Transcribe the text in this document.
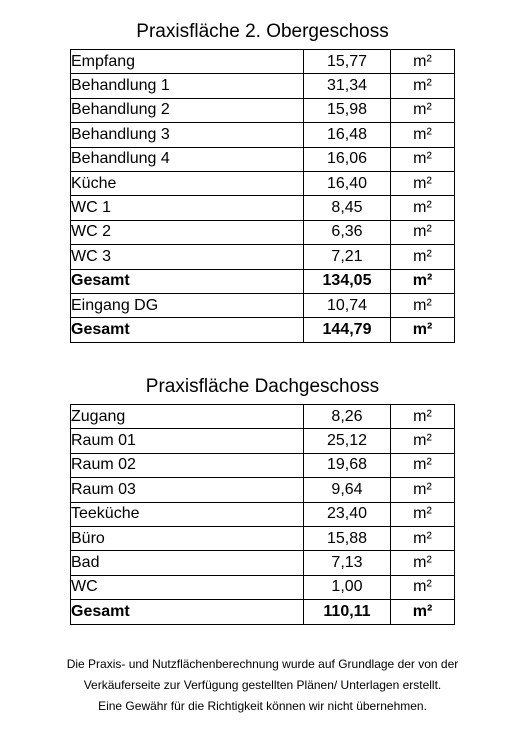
Praxisfläche 2. Obergeschoss
Empfang	15,77	m²
Behandlung 1	31,34	m²
Behandlung 2	15,98	m²
Behandlung 3	16,48	m²
Behandlung 4	16,06	m²
Küche	16,40	m²
WC 1	8,45	m²
WC 2	6,36	m²
WC 3	7,21	m²
Gesamt	134,05	m²
Eingang DG	10,74	m²
Gesamt	144,79	m²
Praxisfläche Dachgeschoss
Zugang	8,26	m²
Raum 01	25,12	m²
Raum 02	19,68	m²
Raum 03	9,64	m²
Teeküche	23,40	m²
Büro	15,88	m²
Bad	7,13	m²
WC	1,00	m²
Gesamt	110,11	m²
Die Praxis- und Nutzflächenberechnung wurde auf Grundlage der von der
Verkäuferseite zur Verfügung gestellten Plänen/ Unterlagen erstellt.
Eine Gewähr für die Richtigkeit können wir nicht übernehmen.
